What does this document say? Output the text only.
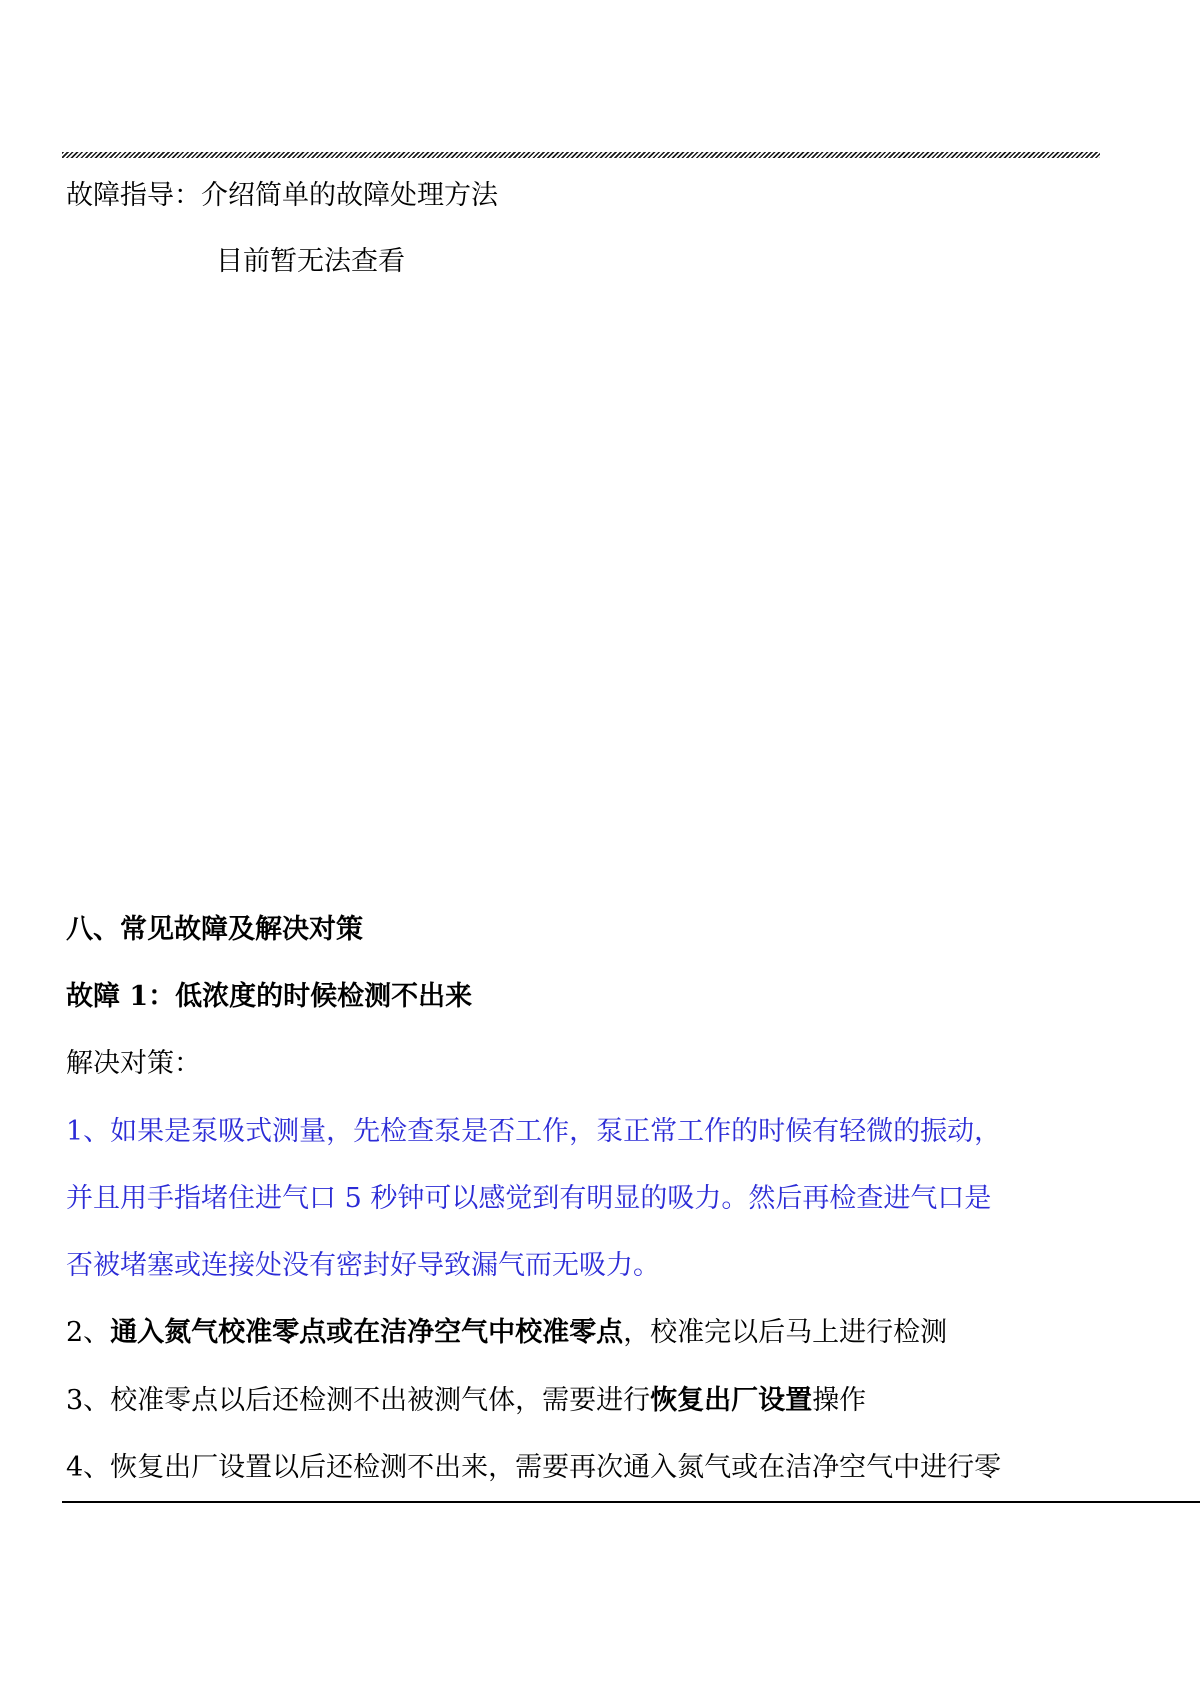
故障指导：介绍简单的故障处理方法

目前暂无法查看

八、常见故障及解决对策

故障 1：低浓度的时候检测不出来

解决对策：

1、如果是泵吸式测量，先检查泵是否工作，泵正常工作的时候有轻微的振动，

并且用手指堵住进气口 5 秒钟可以感觉到有明显的吸力。然后再检查进气口是

否被堵塞或连接处没有密封好导致漏气而无吸力。

2、通入氮气校准零点或在洁净空气中校准零点，校准完以后马上进行检测

3、校准零点以后还检测不出被测气体，需要进行恢复出厂设置操作

4、恢复出厂设置以后还检测不出来，需要再次通入氮气或在洁净空气中进行零
